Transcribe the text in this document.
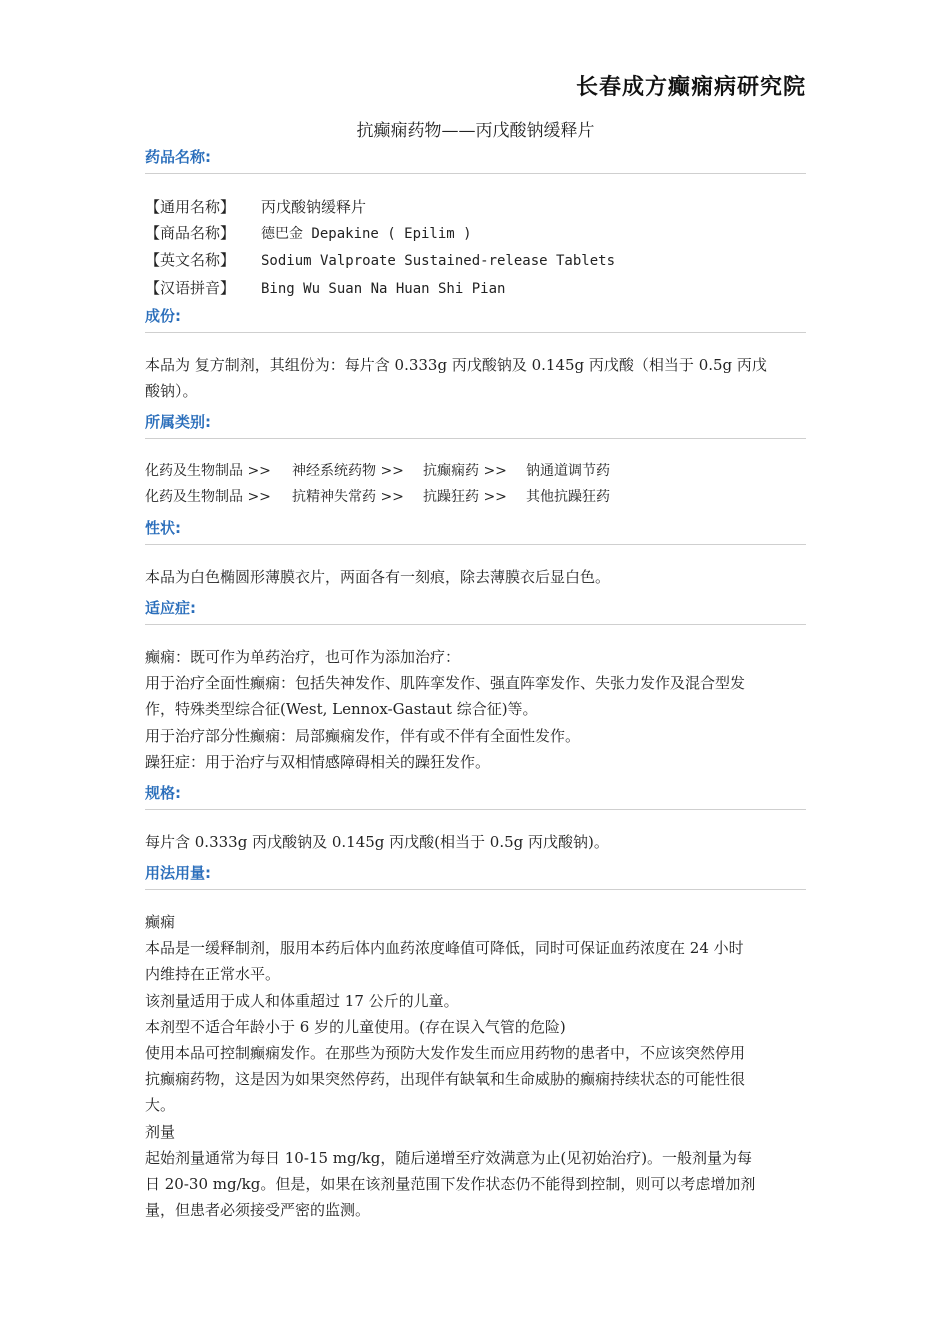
长春成方癫痫病研究院
抗癫痫药物——丙戊酸钠缓释片
药品名称:
【通用名称】 丙戊酸钠缓释片
【商品名称】 德巴金 Depakine ( Epilim )
【英文名称】 Sodium Valproate Sustained-release Tablets
【汉语拼音】 Bing Wu Suan Na Huan Shi Pian
成份:
本品为 复方制剂，其组份为：每片含 0.333g 丙戊酸钠及 0.145g 丙戊酸（相当于 0.5g 丙戊
酸钠）。
所属类别:
化药及生物制品 >> 神经系统药物 >> 抗癫痫药 >> 钠通道调节药
化药及生物制品 >> 抗精神失常药 >> 抗躁狂药 >> 其他抗躁狂药
性状:
本品为白色椭圆形薄膜衣片，两面各有一刻痕，除去薄膜衣后显白色。
适应症:
癫痫：既可作为单药治疗，也可作为添加治疗：
用于治疗全面性癫痫：包括失神发作、肌阵挛发作、强直阵挛发作、失张力发作及混合型发
作，特殊类型综合征(West, Lennox-Gastaut 综合征)等。
用于治疗部分性癫痫：局部癫痫发作，伴有或不伴有全面性发作。
躁狂症：用于治疗与双相情感障碍相关的躁狂发作。
规格:
每片含 0.333g 丙戊酸钠及 0.145g 丙戊酸(相当于 0.5g 丙戊酸钠)。
用法用量:
癫痫
本品是一缓释制剂，服用本药后体内血药浓度峰值可降低，同时可保证血药浓度在 24 小时
内维持在正常水平。
该剂量适用于成人和体重超过 17 公斤的儿童。
本剂型不适合年龄小于 6 岁的儿童使用。(存在误入气管的危险)
使用本品可控制癫痫发作。在那些为预防大发作发生而应用药物的患者中，不应该突然停用
抗癫痫药物，这是因为如果突然停药，出现伴有缺氧和生命威胁的癫痫持续状态的可能性很
大。
剂量
起始剂量通常为每日 10-15 mg/kg，随后递增至疗效满意为止(见初始治疗)。一般剂量为每
日 20-30 mg/kg。但是，如果在该剂量范围下发作状态仍不能得到控制，则可以考虑增加剂
量，但患者必须接受严密的监测。
